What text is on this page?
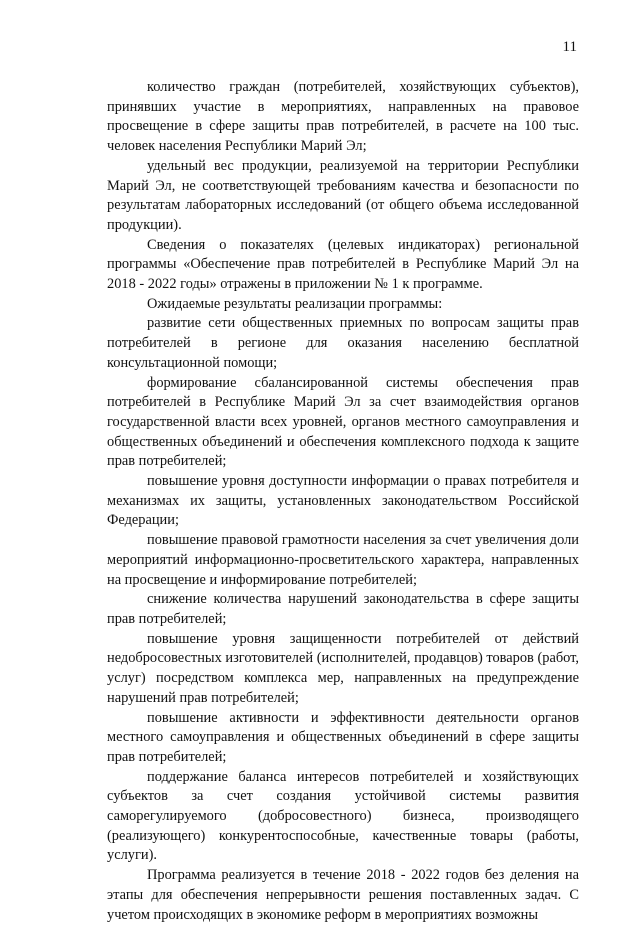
11

количество граждан (потребителей, хозяйствующих субъектов), принявших участие в мероприятиях, направленных на правовое просвещение в сфере защиты прав потребителей, в расчете на 100 тыс. человек населения Республики Марий Эл;

удельный вес продукции, реализуемой на территории Республики Марий Эл, не соответствующей требованиям качества и безопасности по результатам лабораторных исследований (от общего объема исследованной продукции).

Сведения о показателях (целевых индикаторах) региональной программы «Обеспечение прав потребителей в Республике Марий Эл на 2018 - 2022 годы» отражены в приложении № 1 к программе.

Ожидаемые результаты реализации программы:

развитие сети общественных приемных по вопросам защиты прав потребителей в регионе для оказания населению бесплатной консультационной помощи;

формирование сбалансированной системы обеспечения прав потребителей в Республике Марий Эл за счет взаимодействия органов государственной власти всех уровней, органов местного самоуправления и общественных объединений и обеспечения комплексного подхода к защите прав потребителей;

повышение уровня доступности информации о правах потребителя и механизмах их защиты, установленных законодательством Российской Федерации;

повышение правовой грамотности населения за счет увеличения доли мероприятий информационно-просветительского характера, направленных на просвещение и информирование потребителей;

снижение количества нарушений законодательства в сфере защиты прав потребителей;

повышение уровня защищенности потребителей от действий недобросовестных изготовителей (исполнителей, продавцов) товаров (работ, услуг) посредством комплекса мер, направленных на предупреждение нарушений прав потребителей;

повышение активности и эффективности деятельности органов местного самоуправления и общественных объединений в сфере защиты прав потребителей;

поддержание баланса интересов потребителей и хозяйствующих субъектов за счет создания устойчивой системы развития саморегулируемого (добросовестного) бизнеса, производящего (реализующего) конкурентоспособные, качественные товары (работы, услуги).

Программа реализуется в течение 2018 - 2022 годов без деления на этапы для обеспечения непрерывности решения поставленных задач. С учетом происходящих в экономике реформ в мероприятиях возможны
